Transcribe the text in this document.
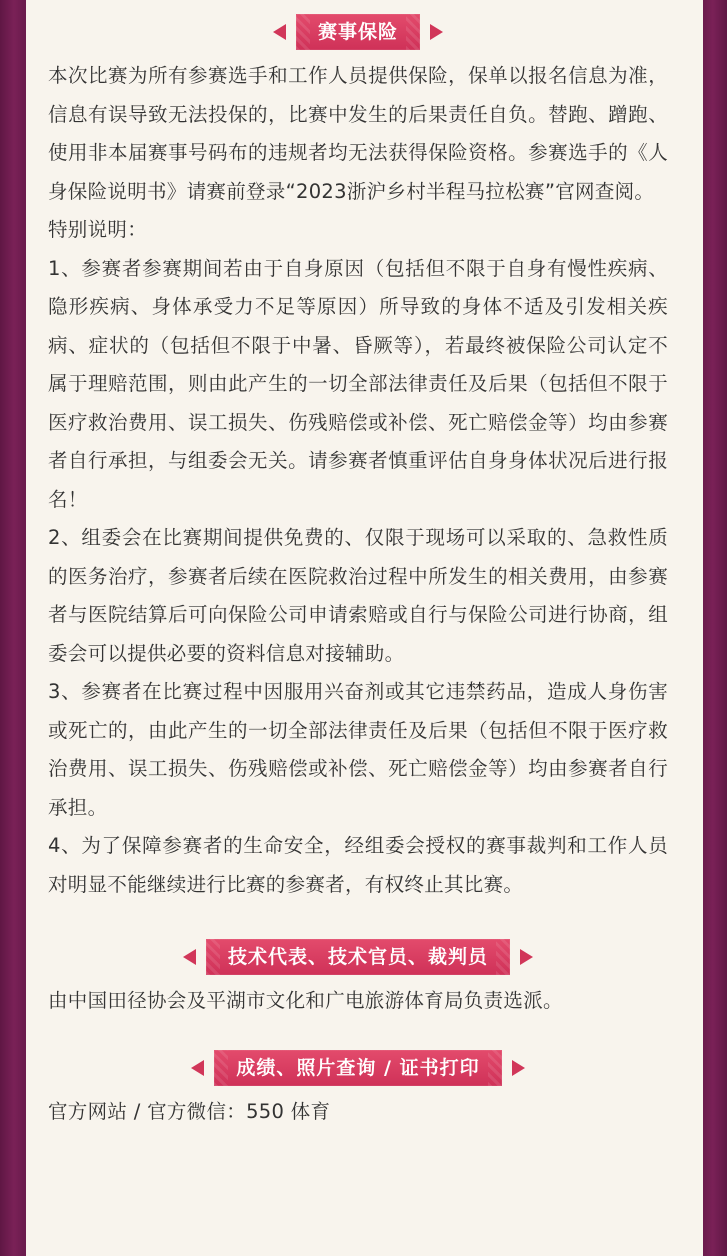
赛事保险

本次比赛为所有参赛选手和工作人员提供保险，保单以报名信息为准，信息有误导致无法投保的，比赛中发生的后果责任自负。替跑、蹭跑、使用非本届赛事号码布的违规者均无法获得保险资格。参赛选手的《人身保险说明书》请赛前登录“2023浙沪乡村半程马拉松赛”官网查阅。

特别说明：

1、参赛者参赛期间若由于自身原因（包括但不限于自身有慢性疾病、隐形疾病、身体承受力不足等原因）所导致的身体不适及引发相关疾病、症状的（包括但不限于中暑、昏厥等），若最终被保险公司认定不属于理赔范围，则由此产生的一切全部法律责任及后果（包括但不限于医疗救治费用、误工损失、伤残赔偿或补偿、死亡赔偿金等）均由参赛者自行承担，与组委会无关。请参赛者慎重评估自身身体状况后进行报名！

2、组委会在比赛期间提供免费的、仅限于现场可以采取的、急救性质的医务治疗，参赛者后续在医院救治过程中所发生的相关费用，由参赛者与医院结算后可向保险公司申请索赔或自行与保险公司进行协商，组委会可以提供必要的资料信息对接辅助。

3、参赛者在比赛过程中因服用兴奋剂或其它违禁药品，造成人身伤害或死亡的，由此产生的一切全部法律责任及后果（包括但不限于医疗救治费用、误工损失、伤残赔偿或补偿、死亡赔偿金等）均由参赛者自行承担。

4、为了保障参赛者的生命安全，经组委会授权的赛事裁判和工作人员对明显不能继续进行比赛的参赛者，有权终止其比赛。

技术代表、技术官员、裁判员

由中国田径协会及平湖市文化和广电旅游体育局负责选派。

成绩、照片查询 / 证书打印

官方网站 / 官方微信：550 体育
